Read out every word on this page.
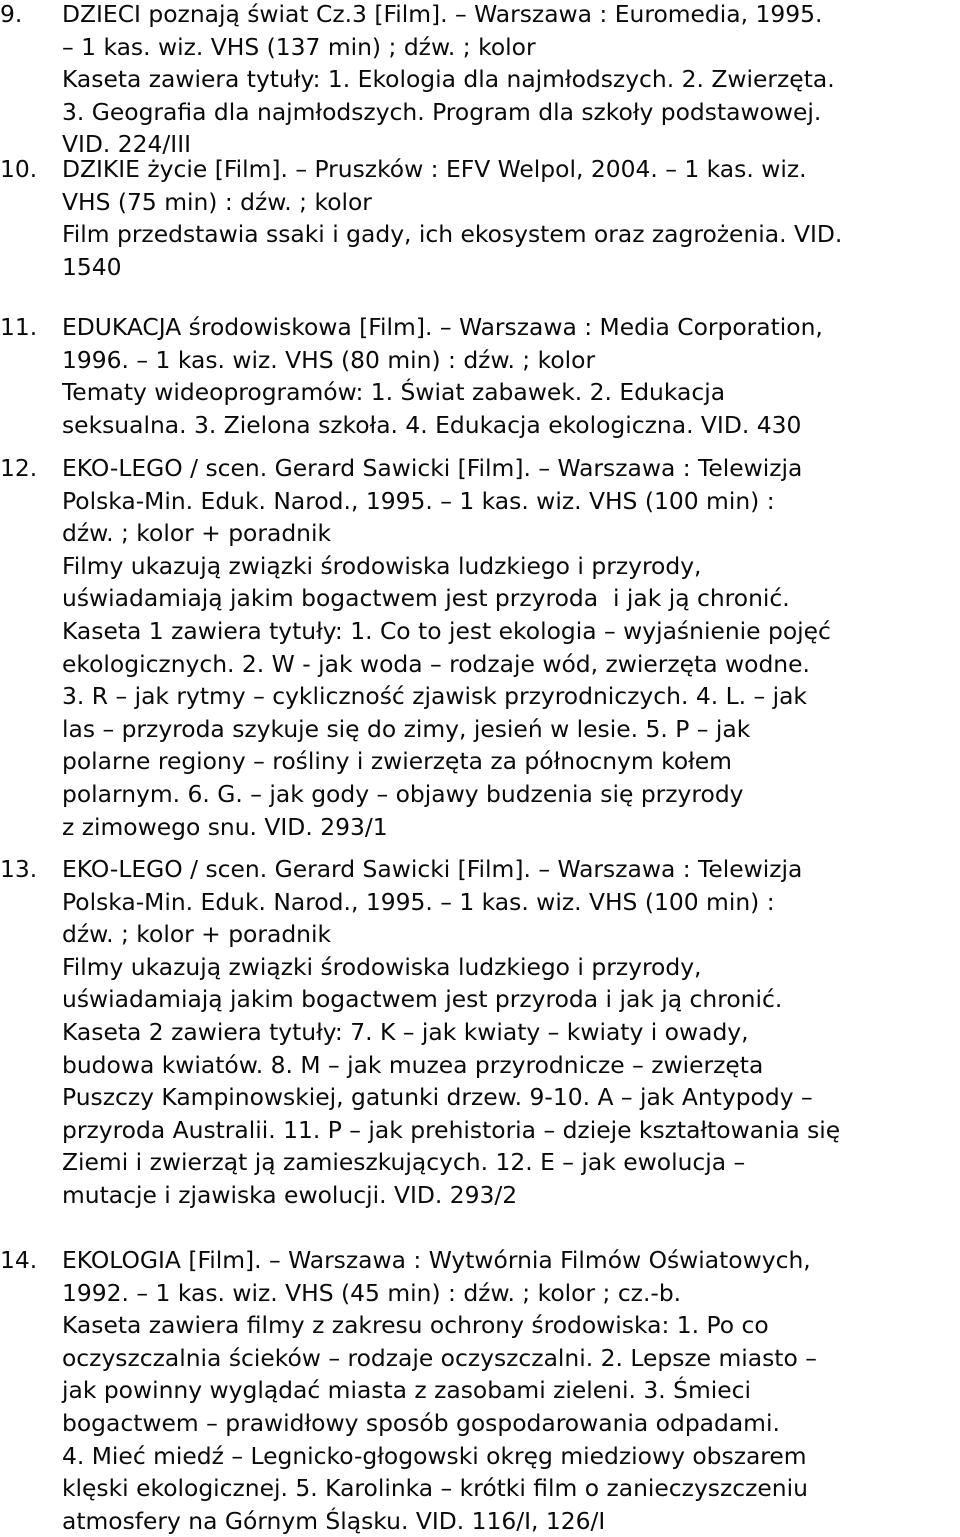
9. DZIECI poznają świat Cz.3 [Film]. – Warszawa : Euromedia, 1995.
– 1 kas. wiz. VHS (137 min) ; dźw. ; kolor
Kaseta zawiera tytuły: 1. Ekologia dla najmłodszych. 2. Zwierzęta.
3. Geografia dla najmłodszych. Program dla szkoły podstawowej.
VID. 224/III
10. DZIKIE życie [Film]. – Pruszków : EFV Welpol, 2004. – 1 kas. wiz.
VHS (75 min) : dźw. ; kolor
Film przedstawia ssaki i gady, ich ekosystem oraz zagrożenia. VID.
1540
11. EDUKACJA środowiskowa [Film]. – Warszawa : Media Corporation,
1996. – 1 kas. wiz. VHS (80 min) : dźw. ; kolor
Tematy wideoprogramów: 1. Świat zabawek. 2. Edukacja
seksualna. 3. Zielona szkoła. 4. Edukacja ekologiczna. VID. 430
12. EKO-LEGO / scen. Gerard Sawicki [Film]. – Warszawa : Telewizja
Polska-Min. Eduk. Narod., 1995. – 1 kas. wiz. VHS (100 min) :
dźw. ; kolor + poradnik
Filmy ukazują związki środowiska ludzkiego i przyrody,
uświadamiają jakim bogactwem jest przyroda  i jak ją chronić.
Kaseta 1 zawiera tytuły: 1. Co to jest ekologia – wyjaśnienie pojęć
ekologicznych. 2. W - jak woda – rodzaje wód, zwierzęta wodne.
3. R – jak rytmy – cykliczność zjawisk przyrodniczych. 4. L. – jak
las – przyroda szykuje się do zimy, jesień w lesie. 5. P – jak
polarne regiony – rośliny i zwierzęta za północnym kołem
polarnym. 6. G. – jak gody – objawy budzenia się przyrody
z zimowego snu. VID. 293/1
13. EKO-LEGO / scen. Gerard Sawicki [Film]. – Warszawa : Telewizja
Polska-Min. Eduk. Narod., 1995. – 1 kas. wiz. VHS (100 min) :
dźw. ; kolor + poradnik
Filmy ukazują związki środowiska ludzkiego i przyrody,
uświadamiają jakim bogactwem jest przyroda i jak ją chronić.
Kaseta 2 zawiera tytuły: 7. K – jak kwiaty – kwiaty i owady,
budowa kwiatów. 8. M – jak muzea przyrodnicze – zwierzęta
Puszczy Kampinowskiej, gatunki drzew. 9-10. A – jak Antypody –
przyroda Australii. 11. P – jak prehistoria – dzieje kształtowania się
Ziemi i zwierząt ją zamieszkujących. 12. E – jak ewolucja –
mutacje i zjawiska ewolucji. VID. 293/2
14. EKOLOGIA [Film]. – Warszawa : Wytwórnia Filmów Oświatowych,
1992. – 1 kas. wiz. VHS (45 min) : dźw. ; kolor ; cz.-b.
Kaseta zawiera filmy z zakresu ochrony środowiska: 1. Po co
oczyszczalnia ścieków – rodzaje oczyszczalni. 2. Lepsze miasto –
jak powinny wyglądać miasta z zasobami zieleni. 3. Śmieci
bogactwem – prawidłowy sposób gospodarowania odpadami.
4. Mieć miedź – Legnicko-głogowski okręg miedziowy obszarem
klęski ekologicznej. 5. Karolinka – krótki film o zanieczyszczeniu
atmosfery na Górnym Śląsku. VID. 116/I, 126/I
